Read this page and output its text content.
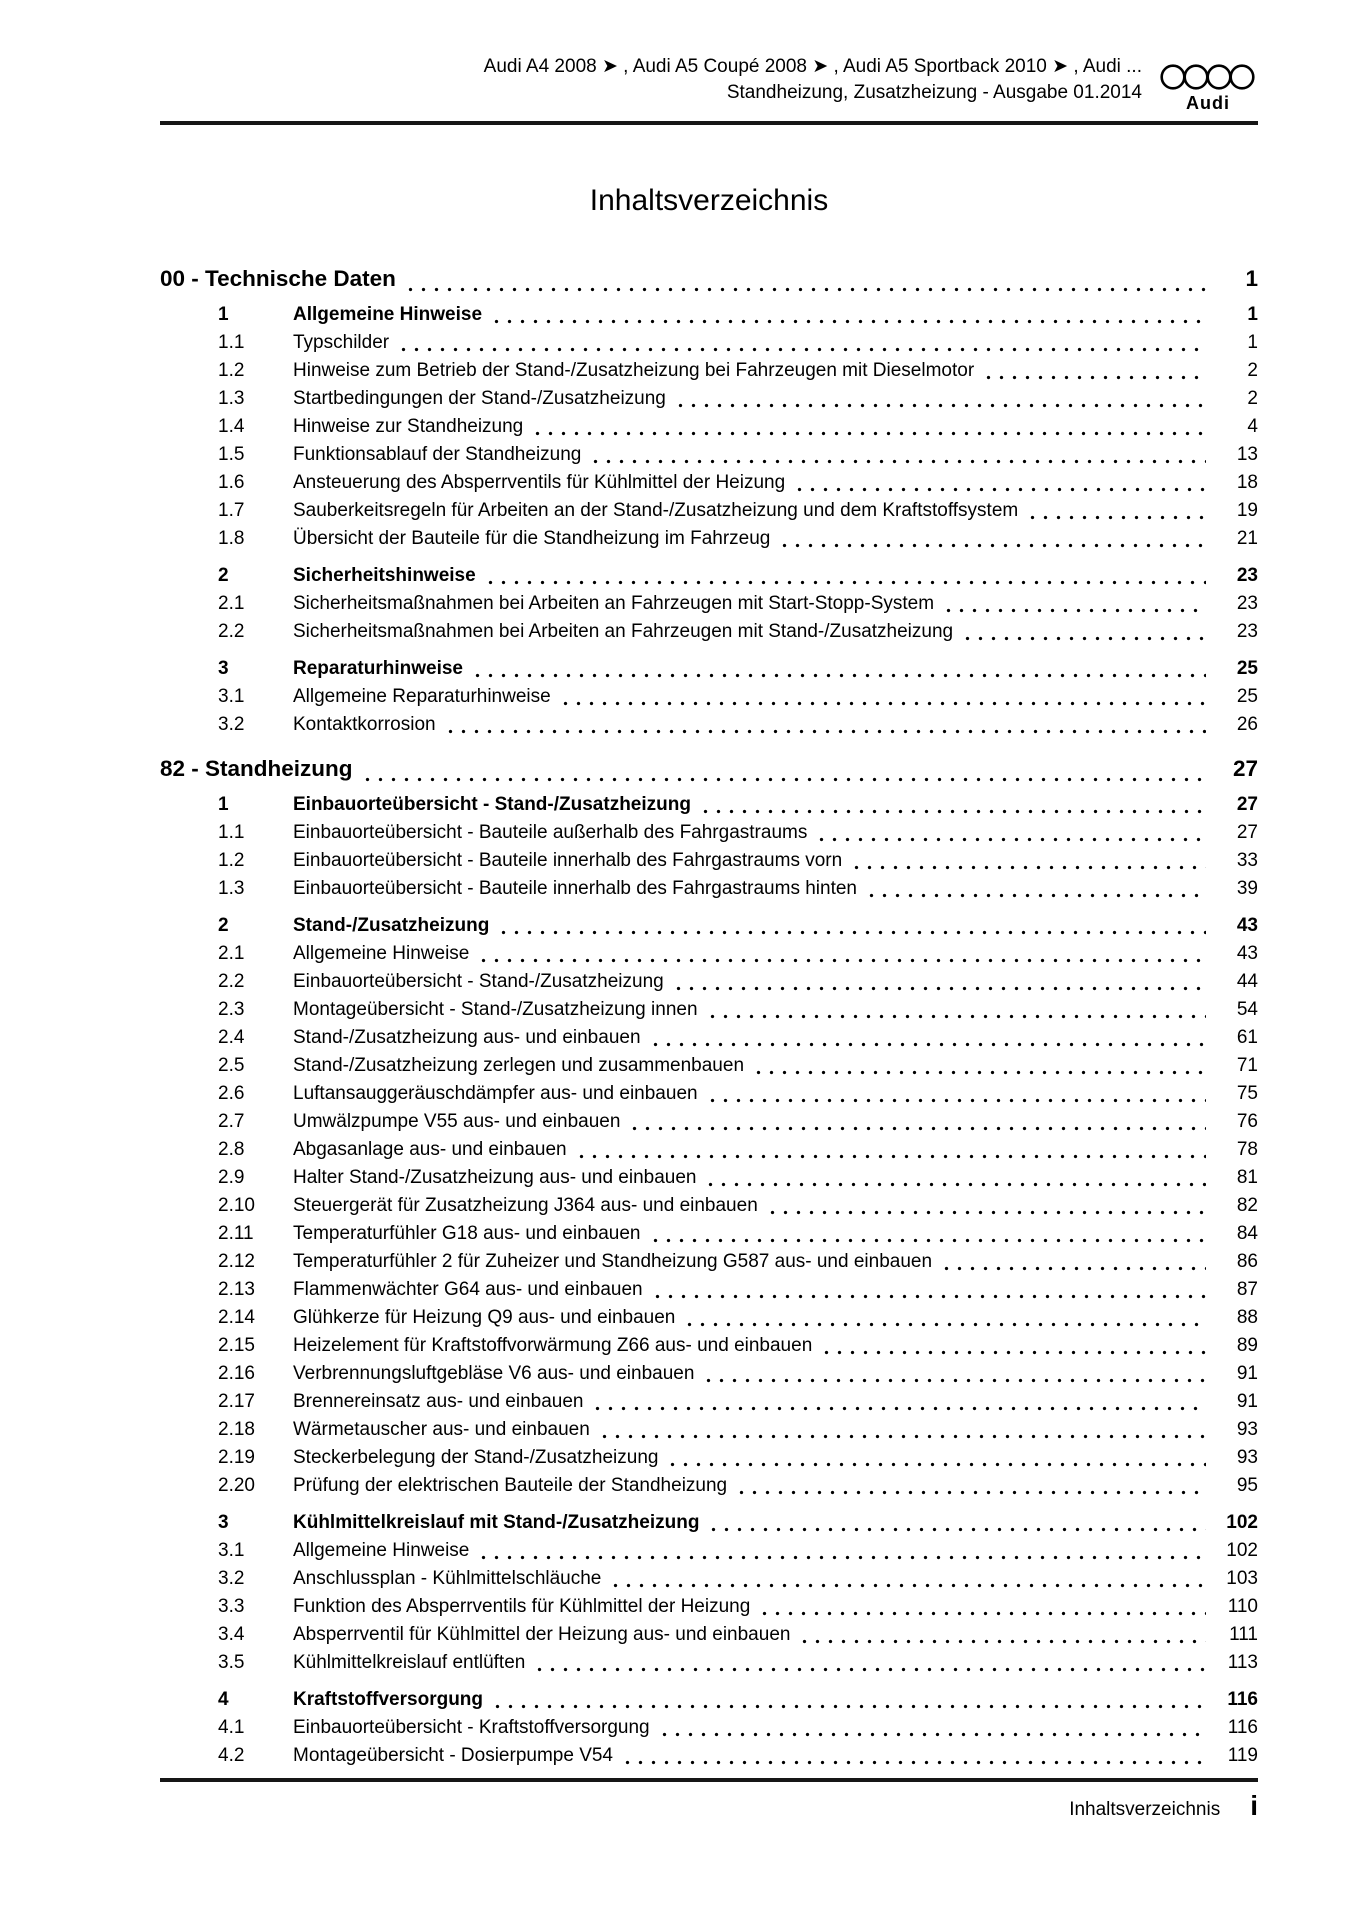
Audi A4 2008 ➤ , Audi A5 Coupé 2008 ➤ , Audi A5 Sportback 2010 ➤ , Audi ...
Standheizung, Zusatzheizung - Ausgabe 01.2014	Audi
Inhaltsverzeichnis
00 - Technische Daten	1
1	Allgemeine Hinweise	1
1.1	Typschilder	1
1.2	Hinweise zum Betrieb der Stand-/Zusatzheizung bei Fahrzeugen mit Dieselmotor	2
1.3	Startbedingungen der Stand-/Zusatzheizung	2
1.4	Hinweise zur Standheizung	4
1.5	Funktionsablauf der Standheizung	13
1.6	Ansteuerung des Absperrventils für Kühlmittel der Heizung	18
1.7	Sauberkeitsregeln für Arbeiten an der Stand-/Zusatzheizung und dem Kraftstoffsystem	19
1.8	Übersicht der Bauteile für die Standheizung im Fahrzeug	21
2	Sicherheitshinweise	23
2.1	Sicherheitsmaßnahmen bei Arbeiten an Fahrzeugen mit Start-Stopp-System	23
2.2	Sicherheitsmaßnahmen bei Arbeiten an Fahrzeugen mit Stand-/Zusatzheizung	23
3	Reparaturhinweise	25
3.1	Allgemeine Reparaturhinweise	25
3.2	Kontaktkorrosion	26
82 - Standheizung	27
1	Einbauorteübersicht - Stand-/Zusatzheizung	27
1.1	Einbauorteübersicht - Bauteile außerhalb des Fahrgastraums	27
1.2	Einbauorteübersicht - Bauteile innerhalb des Fahrgastraums vorn	33
1.3	Einbauorteübersicht - Bauteile innerhalb des Fahrgastraums hinten	39
2	Stand-/Zusatzheizung	43
2.1	Allgemeine Hinweise	43
2.2	Einbauorteübersicht - Stand-/Zusatzheizung	44
2.3	Montageübersicht - Stand-/Zusatzheizung innen	54
2.4	Stand-/Zusatzheizung aus- und einbauen	61
2.5	Stand-/Zusatzheizung zerlegen und zusammenbauen	71
2.6	Luftansauggeräuschdämpfer aus- und einbauen	75
2.7	Umwälzpumpe V55 aus- und einbauen	76
2.8	Abgasanlage aus- und einbauen	78
2.9	Halter Stand-/Zusatzheizung aus- und einbauen	81
2.10	Steuergerät für Zusatzheizung J364 aus- und einbauen	82
2.11	Temperaturfühler G18 aus- und einbauen	84
2.12	Temperaturfühler 2 für Zuheizer und Standheizung G587 aus- und einbauen	86
2.13	Flammenwächter G64 aus- und einbauen	87
2.14	Glühkerze für Heizung Q9 aus- und einbauen	88
2.15	Heizelement für Kraftstoffvorwärmung Z66 aus- und einbauen	89
2.16	Verbrennungsluftgebläse V6 aus- und einbauen	91
2.17	Brennereinsatz aus- und einbauen	91
2.18	Wärmetauscher aus- und einbauen	93
2.19	Steckerbelegung der Stand-/Zusatzheizung	93
2.20	Prüfung der elektrischen Bauteile der Standheizung	95
3	Kühlmittelkreislauf mit Stand-/Zusatzheizung	102
3.1	Allgemeine Hinweise	102
3.2	Anschlussplan - Kühlmittelschläuche	103
3.3	Funktion des Absperrventils für Kühlmittel der Heizung	110
3.4	Absperrventil für Kühlmittel der Heizung aus- und einbauen	111
3.5	Kühlmittelkreislauf entlüften	113
4	Kraftstoffversorgung	116
4.1	Einbauorteübersicht - Kraftstoffversorgung	116
4.2	Montageübersicht - Dosierpumpe V54	119
Inhaltsverzeichnis i
